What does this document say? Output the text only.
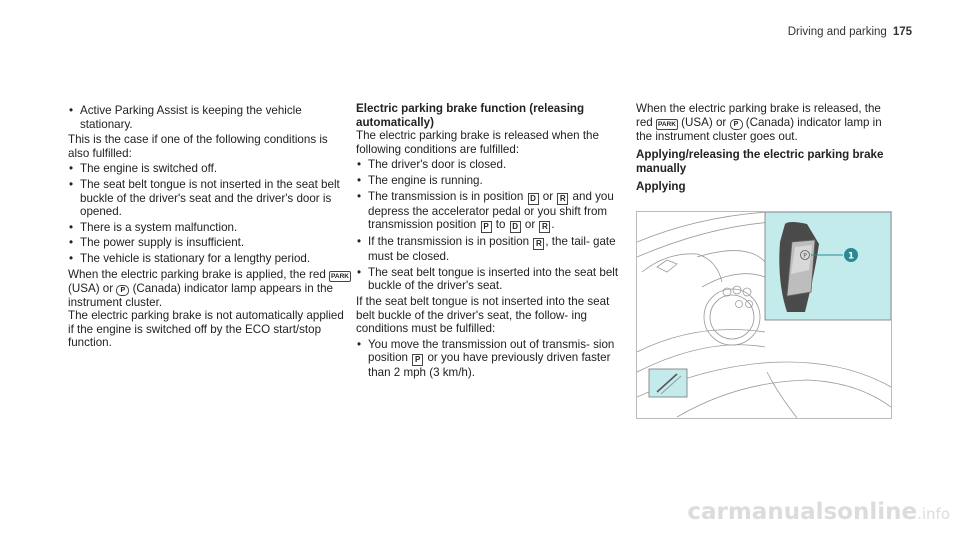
Driving and parking 175
• Active Parking Assist is keeping the vehicle stationary.

This is the case if one of the following conditions is also fulfilled:

• The engine is switched off.
• The seat belt tongue is not inserted in the seat belt buckle of the driver's seat and the driver's door is opened.
• There is a system malfunction.
• The power supply is insufficient.
• The vehicle is stationary for a lengthy period.

When the electric parking brake is applied, the red PARK (USA) or P (Canada) indicator lamp appears in the instrument cluster.

The electric parking brake is not automatically applied if the engine is switched off by the ECO start/stop function.

Electric parking brake function (releasing automatically)

The electric parking brake is released when the following conditions are fulfilled:

• The driver's door is closed.
• The engine is running.
• The transmission is in position D or R and you depress the accelerator pedal or you shift from transmission position P to D or R .
• If the transmission is in position R , the tail- gate must be closed.
• The seat belt tongue is inserted into the seat belt buckle of the driver's seat.

If the seat belt tongue is not inserted into the seat belt buckle of the driver's seat, the follow- ing conditions must be fulfilled:

• You move the transmission out of transmis- sion position P or you have previously driven faster than 2 mph (3 km/h).

When the electric parking brake is released, the red PARK (USA) or P (Canada) indicator lamp in the instrument cluster goes out.

Applying/releasing the electric parking brake manually

Applying

P	1
carmanualsonline.info
